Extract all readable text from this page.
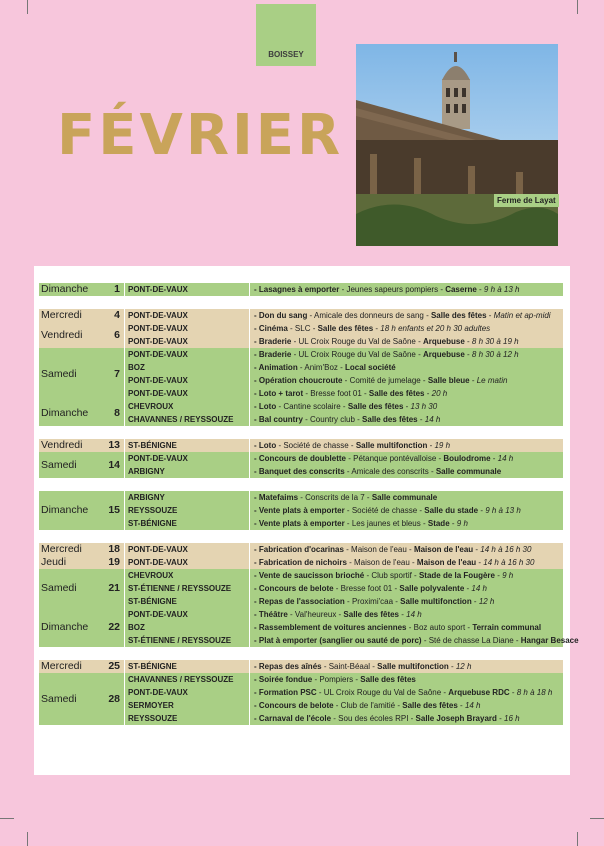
BOISSEY
FÉVRIER
Ferme de Layat
Dimanche	1	PONT-DE-VAUX	- Lasagnes à emporter - Jeunes sapeurs pompiers - Caserne - 9 h à 13 h

Mercredi	4	PONT-DE-VAUX	- Don du sang - Amicale des donneurs de sang - Salle des fêtes - Matin et ap-midi
Vendredi	6	PONT-DE-VAUX	- Cinéma - SLC - Salle des fêtes - 18 h enfants et 20 h 30 adultes
		PONT-DE-VAUX	- Braderie - UL Croix Rouge du Val de Saône - Arquebuse - 8 h 30 à 19 h
Samedi	7	PONT-DE-VAUX	- Braderie - UL Croix Rouge du Val de Saône - Arquebuse - 8 h 30 à 12 h
		BOZ	- Animation - Anim'Boz - Local société
		PONT-DE-VAUX	- Opération choucroute - Comité de jumelage - Salle bleue - Le matin
		PONT-DE-VAUX	- Loto + tarot - Bresse foot 01 - Salle des fêtes - 20 h
Dimanche	8	CHEVROUX	- Loto - Cantine scolaire - Salle des fêtes - 13 h 30
		CHAVANNES / REYSSOUZE	- Bal country - Country club - Salle des fêtes - 14 h

Vendredi	13	ST-BÉNIGNE	- Loto - Société de chasse - Salle multifonction - 19 h
Samedi	14	PONT-DE-VAUX	- Concours de doublette - Pétanque pontévalloise - Boulodrome - 14 h
		ARBIGNY	- Banquet des conscrits - Amicale des conscrits - Salle communale

Dimanche	15	ARBIGNY	- Matefaims - Conscrits de la 7 - Salle communale
		REYSSOUZE	- Vente plats à emporter - Société de chasse - Salle du stade - 9 h à 13 h
		ST-BÉNIGNE	- Vente plats à emporter - Les jaunes et bleus - Stade - 9 h

Mercredi	18	PONT-DE-VAUX	- Fabrication d'ocarinas - Maison de l'eau - Maison de l'eau - 14 h à 16 h 30
Jeudi	19	PONT-DE-VAUX	- Fabrication de nichoirs - Maison de l'eau - Maison de l'eau - 14 h à 16 h 30
Samedi	21	CHEVROUX	- Vente de saucisson brioché - Club sportif - Stade de la Fougère - 9 h
		ST-ÉTIENNE / REYSSOUZE	- Concours de belote - Bresse foot 01 - Salle polyvalente - 14 h
		ST-BÉNIGNE	- Repas de l'association - Proximi'caa - Salle multifonction - 12 h
Dimanche	22	PONT-DE-VAUX	- Théâtre - Val'heureux - Salle des fêtes - 14 h
		BOZ	- Rassemblement de voitures anciennes - Boz auto sport - Terrain communal
		ST-ÉTIENNE / REYSSOUZE	- Plat à emporter (sanglier ou sauté de porc) - Sté de chasse La Diane - Hangar Besace

Mercredi	25	ST-BÉNIGNE	- Repas des aînés - Saint-Béaal - Salle multifonction - 12 h
Samedi	28	CHAVANNES / REYSSOUZE	- Soirée fondue - Pompiers - Salle des fêtes
		PONT-DE-VAUX	- Formation PSC - UL Croix Rouge du Val de Saône - Arquebuse RDC - 8 h à 18 h
		SERMOYER	- Concours de belote - Club de l'amitié - Salle des fêtes - 14 h
		REYSSOUZE	- Carnaval de l'école - Sou des écoles RPI - Salle Joseph Brayard - 16 h
